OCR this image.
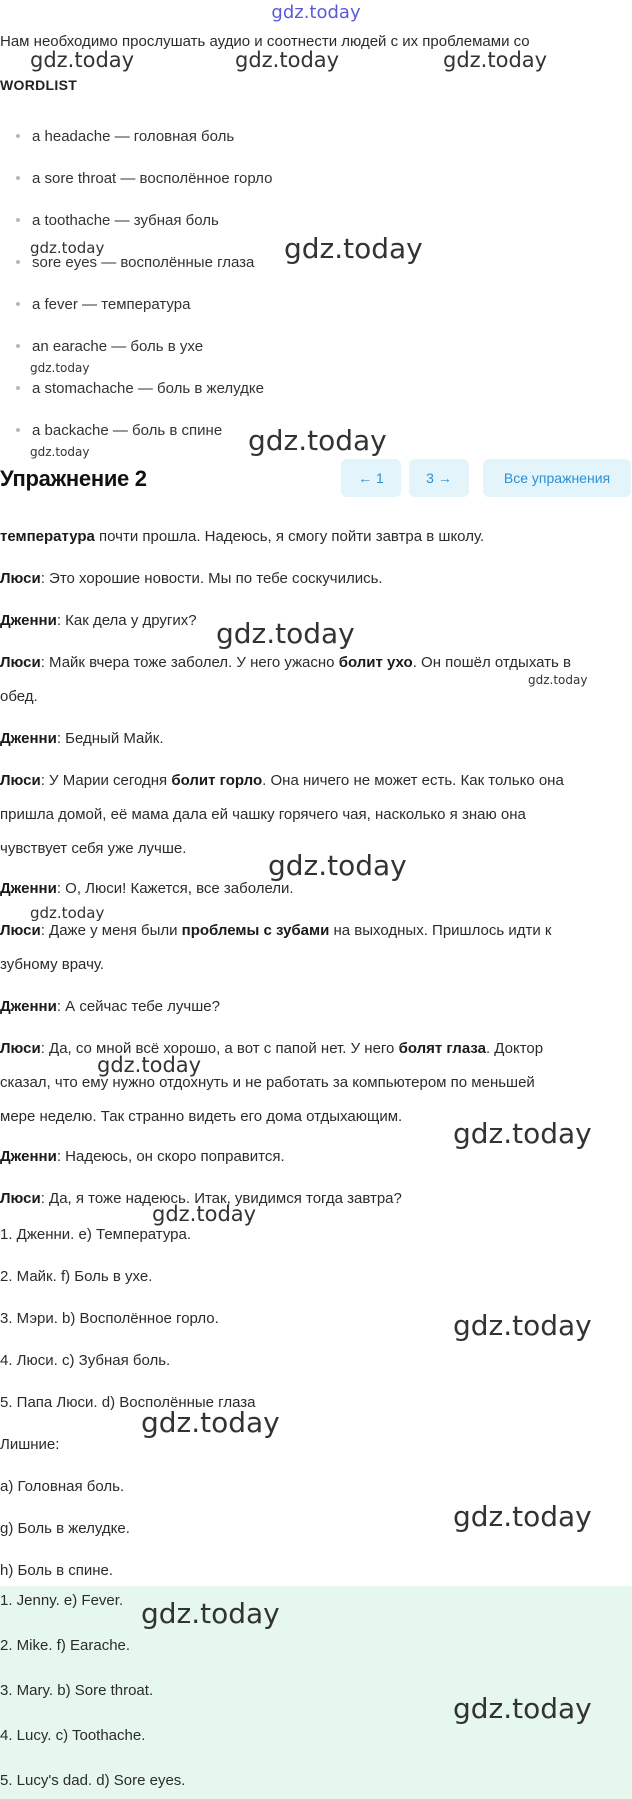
gdz.today
Нам необходимо прослушать аудио и соотнести людей с их проблемами со
WORDLIST
a headache — головная боль
a sore throat — восполённое горло
a toothache — зубная боль
sore eyes — восполённые глаза
a fever — температура
an earache — боль в ухе
a stomachache — боль в желудке
a backache — боль в спине
Упражнение 2	← 1	3 →	Все упражнения
температура почти прошла. Надеюсь, я смогу пойти завтра в школу.
Люси: Это хорошие новости. Мы по тебе соскучились.
Дженни: Как дела у других?
Люси: Майк вчера тоже заболел. У него ужасно болит ухо. Он пошёл отдыхать в
обед.
Дженни: Бедный Майк.
Люси: У Марии сегодня болит горло. Она ничего не может есть. Как только она
пришла домой, её мама дала ей чашку горячего чая, насколько я знаю она
чувствует себя уже лучше.
Дженни: О, Люси! Кажется, все заболели.
Люси: Даже у меня были проблемы с зубами на выходных. Пришлось идти к
зубному врачу.
Дженни: А сейчас тебе лучше?
Люси: Да, со мной всё хорошо, а вот с папой нет. У него болят глаза. Доктор
сказал, что ему нужно отдохнуть и не работать за компьютером по меньшей
мере неделю. Так странно видеть его дома отдыхающим.
Дженни: Надеюсь, он скоро поправится.
Люси: Да, я тоже надеюсь. Итак, увидимся тогда завтра?
1. Дженни. e) Температура.
2. Майк. f) Боль в ухе.
3. Мэри. b) Восполённое горло.
4. Люси. c) Зубная боль.
5. Папа Люси. d) Восполённые глаза
Лишние:
a) Головная боль.
g) Боль в желудке.
h) Боль в спине.
1. Jenny. e) Fever.
2. Mike. f) Earache.
3. Mary. b) Sore throat.
4. Lucy. c) Toothache.
5. Lucy's dad. d) Sore eyes.
gdz.today	gdz.today	gdz.today
gdz.today	gdz.today
gdz.today
gdz.today	gdz.today
gdz.today
gdz.today
gdz.today
gdz.today
gdz.today
gdz.today
gdz.today
gdz.today
gdz.today
gdz.today
gdz.today
gdz.today
